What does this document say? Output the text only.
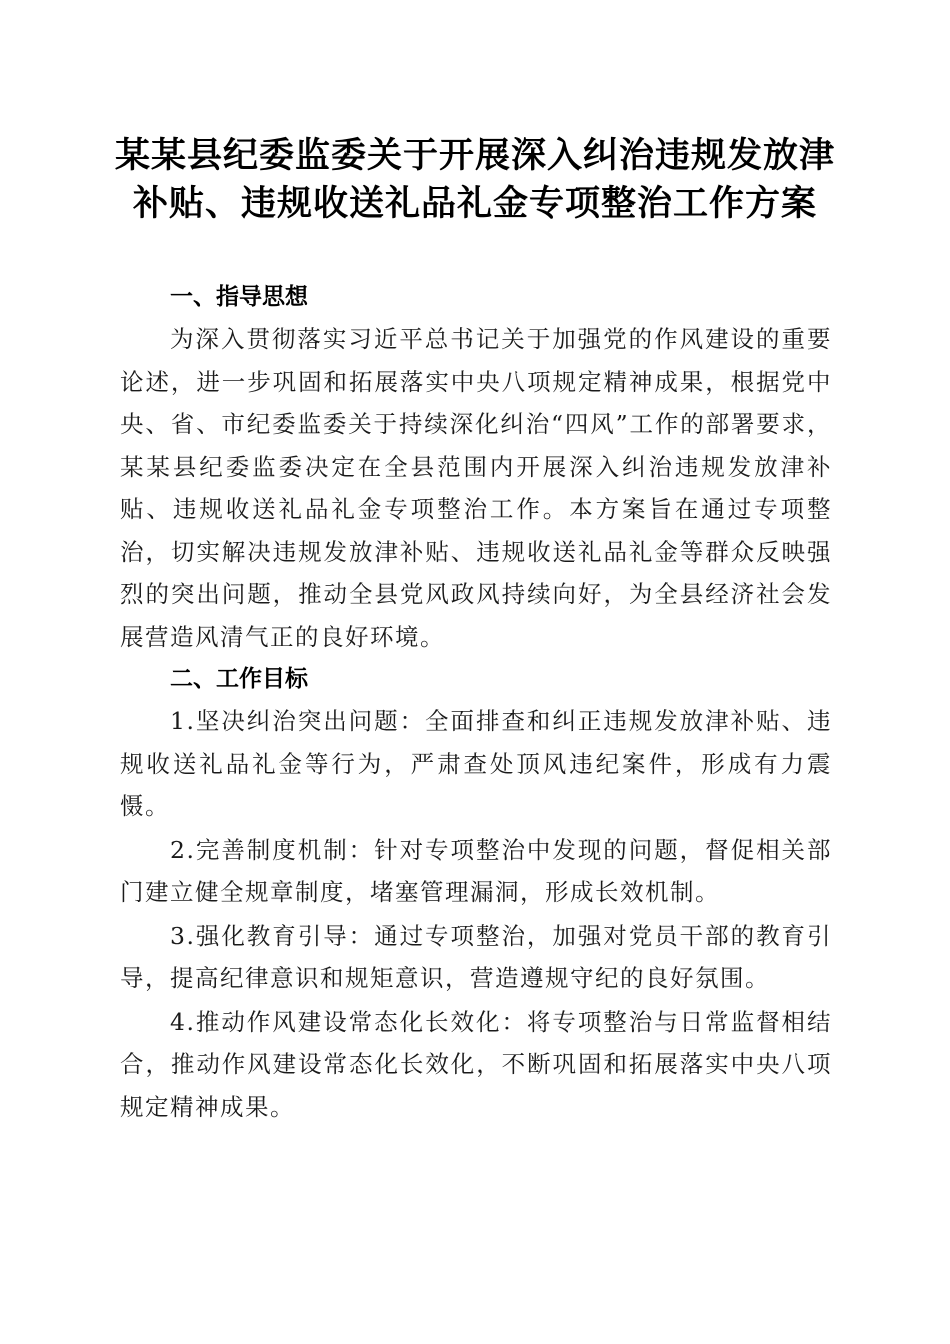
某某县纪委监委关于开展深入纠治违规发放津
补贴、违规收送礼品礼金专项整治工作方案

一、指导思想

为深入贯彻落实习近平总书记关于加强党的作风建设的重要论述，进一步巩固和拓展落实中央八项规定精神成果，根据党中央、省、市纪委监委关于持续深化纠治“四风”工作的部署要求，某某县纪委监委决定在全县范围内开展深入纠治违规发放津补贴、违规收送礼品礼金专项整治工作。本方案旨在通过专项整治，切实解决违规发放津补贴、违规收送礼品礼金等群众反映强烈的突出问题，推动全县党风政风持续向好，为全县经济社会发展营造风清气正的良好环境。

二、工作目标

1.坚决纠治突出问题：全面排查和纠正违规发放津补贴、违规收送礼品礼金等行为，严肃查处顶风违纪案件，形成有力震慑。

2.完善制度机制：针对专项整治中发现的问题，督促相关部门建立健全规章制度，堵塞管理漏洞，形成长效机制。

3.强化教育引导：通过专项整治，加强对党员干部的教育引导，提高纪律意识和规矩意识，营造遵规守纪的良好氛围。

4.推动作风建设常态化长效化：将专项整治与日常监督相结合，推动作风建设常态化长效化，不断巩固和拓展落实中央八项规定精神成果。
